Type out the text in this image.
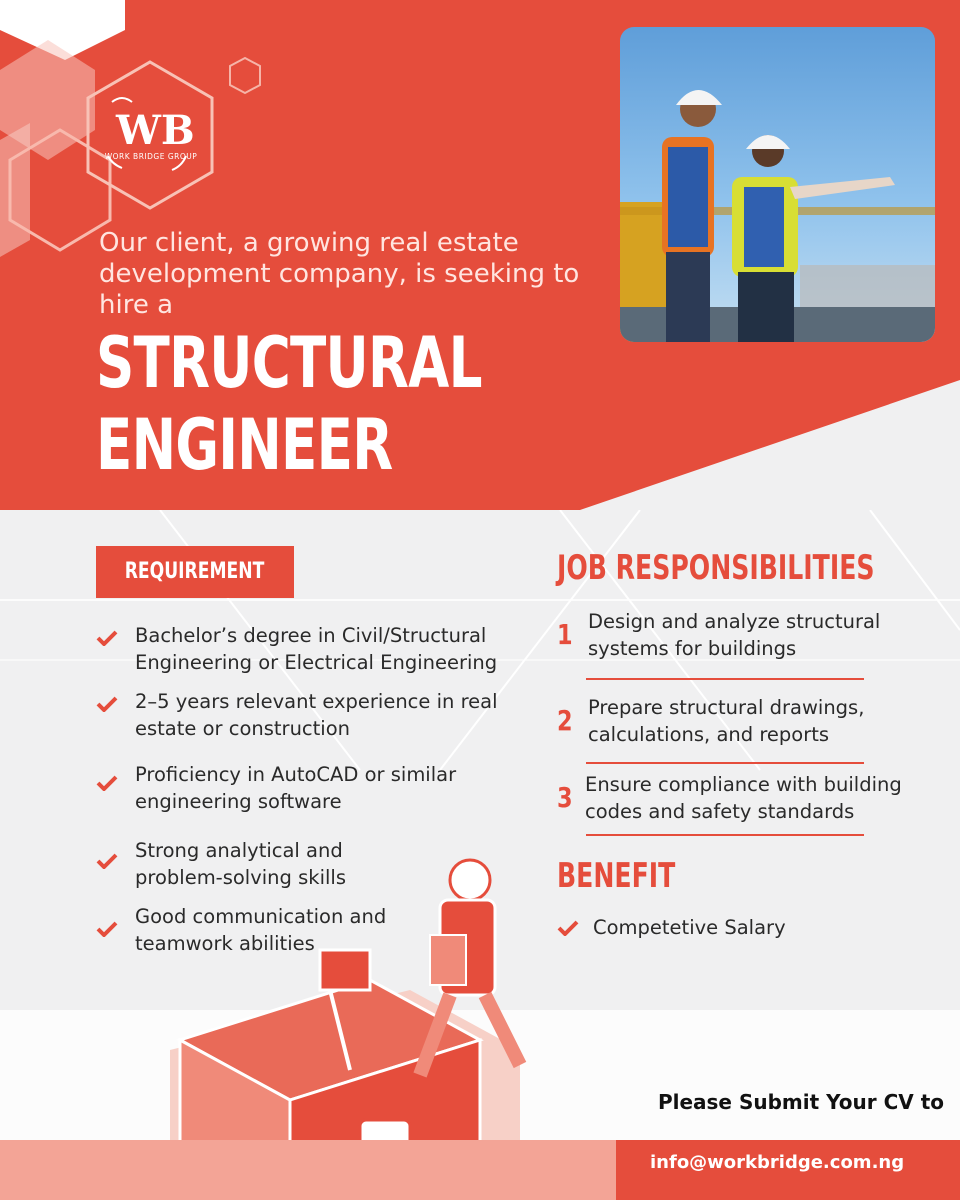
WB
WORK BRIDGE GROUP
Our client, a growing real estate development company, is seeking to hire a
STRUCTURAL
ENGINEER
REQUIREMENT
Bachelor’s degree in Civil/Structural Engineering or Electrical Engineering
2–5 years relevant experience in real estate or construction
Proficiency in AutoCAD or similar engineering software
Strong analytical and problem-solving skills
Good communication and teamwork abilities
JOB RESPONSIBILITIES
1 Design and analyze structural systems for buildings
2 Prepare structural drawings, calculations, and reports
3 Ensure compliance with building codes and safety standards
BENEFIT
Competetive Salary
Please Submit Your CV to
info@workbridge.com.ng
